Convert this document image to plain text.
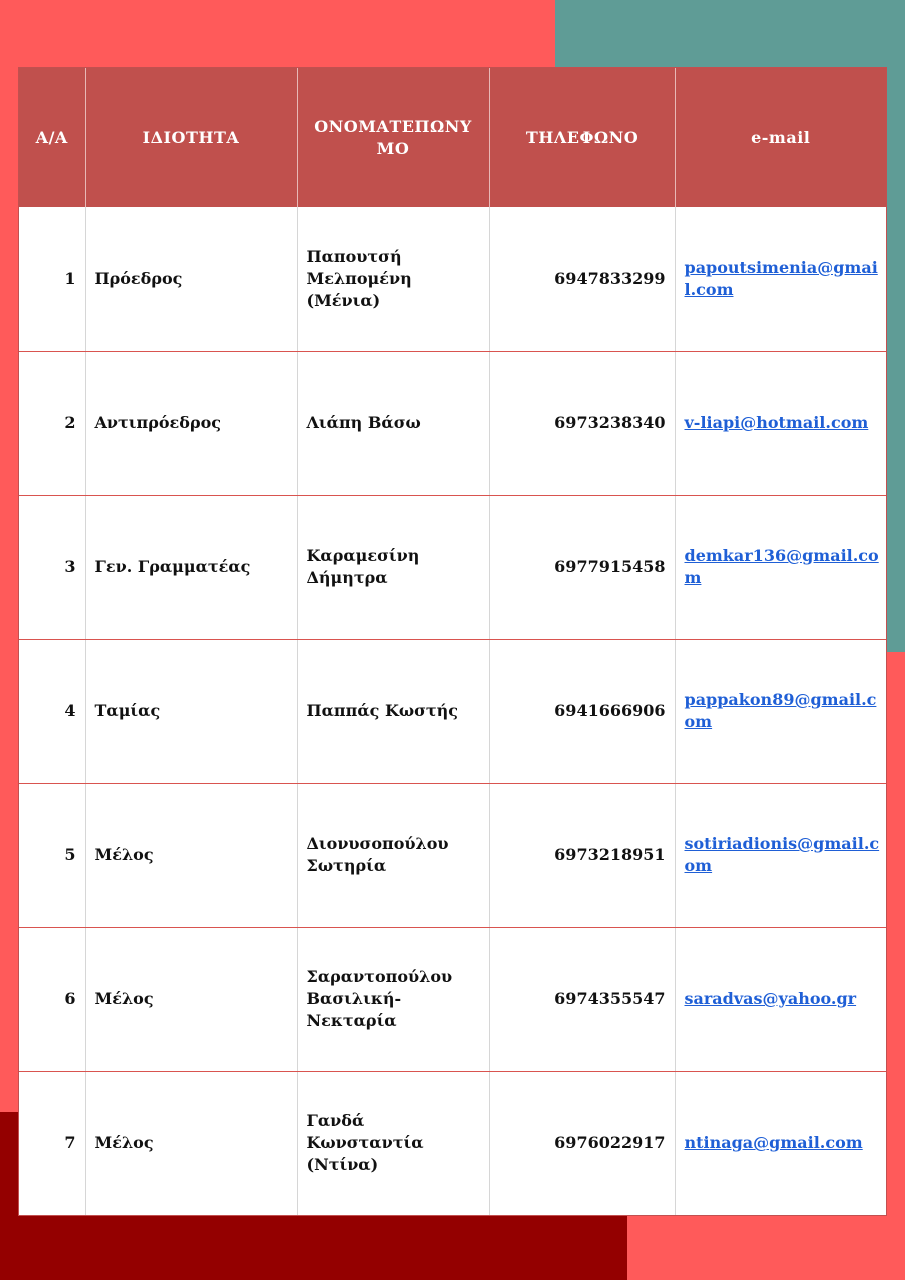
Α/Α	ΙΔΙΟΤΗΤΑ	ΟΝΟΜΑΤΕΠΩΝΥΜΟ	ΤΗΛΕΦΩΝΟ	e-mail
1	Πρόεδρος	Παπουτσή Μελπομένη (Μένια)	6947833299	papoutsimenia@gmail.com
2	Αντιπρόεδρος	Λιάπη Βάσω	6973238340	v-liapi@hotmail.com
3	Γεν. Γραμματέας	Καραμεσίνη Δήμητρα	6977915458	demkar136@gmail.com
4	Ταμίας	Παππάς Κωστής	6941666906	pappakon89@gmail.com
5	Μέλος	Διονυσοπούλου Σωτηρία	6973218951	sotiriadionis@gmail.com
6	Μέλος	Σαραντοπούλου Βασιλική-Νεκταρία	6974355547	saradvas@yahoo.gr
7	Μέλος	Γανδά Κωνσταντία (Ντίνα)	6976022917	ntinaga@gmail.com
